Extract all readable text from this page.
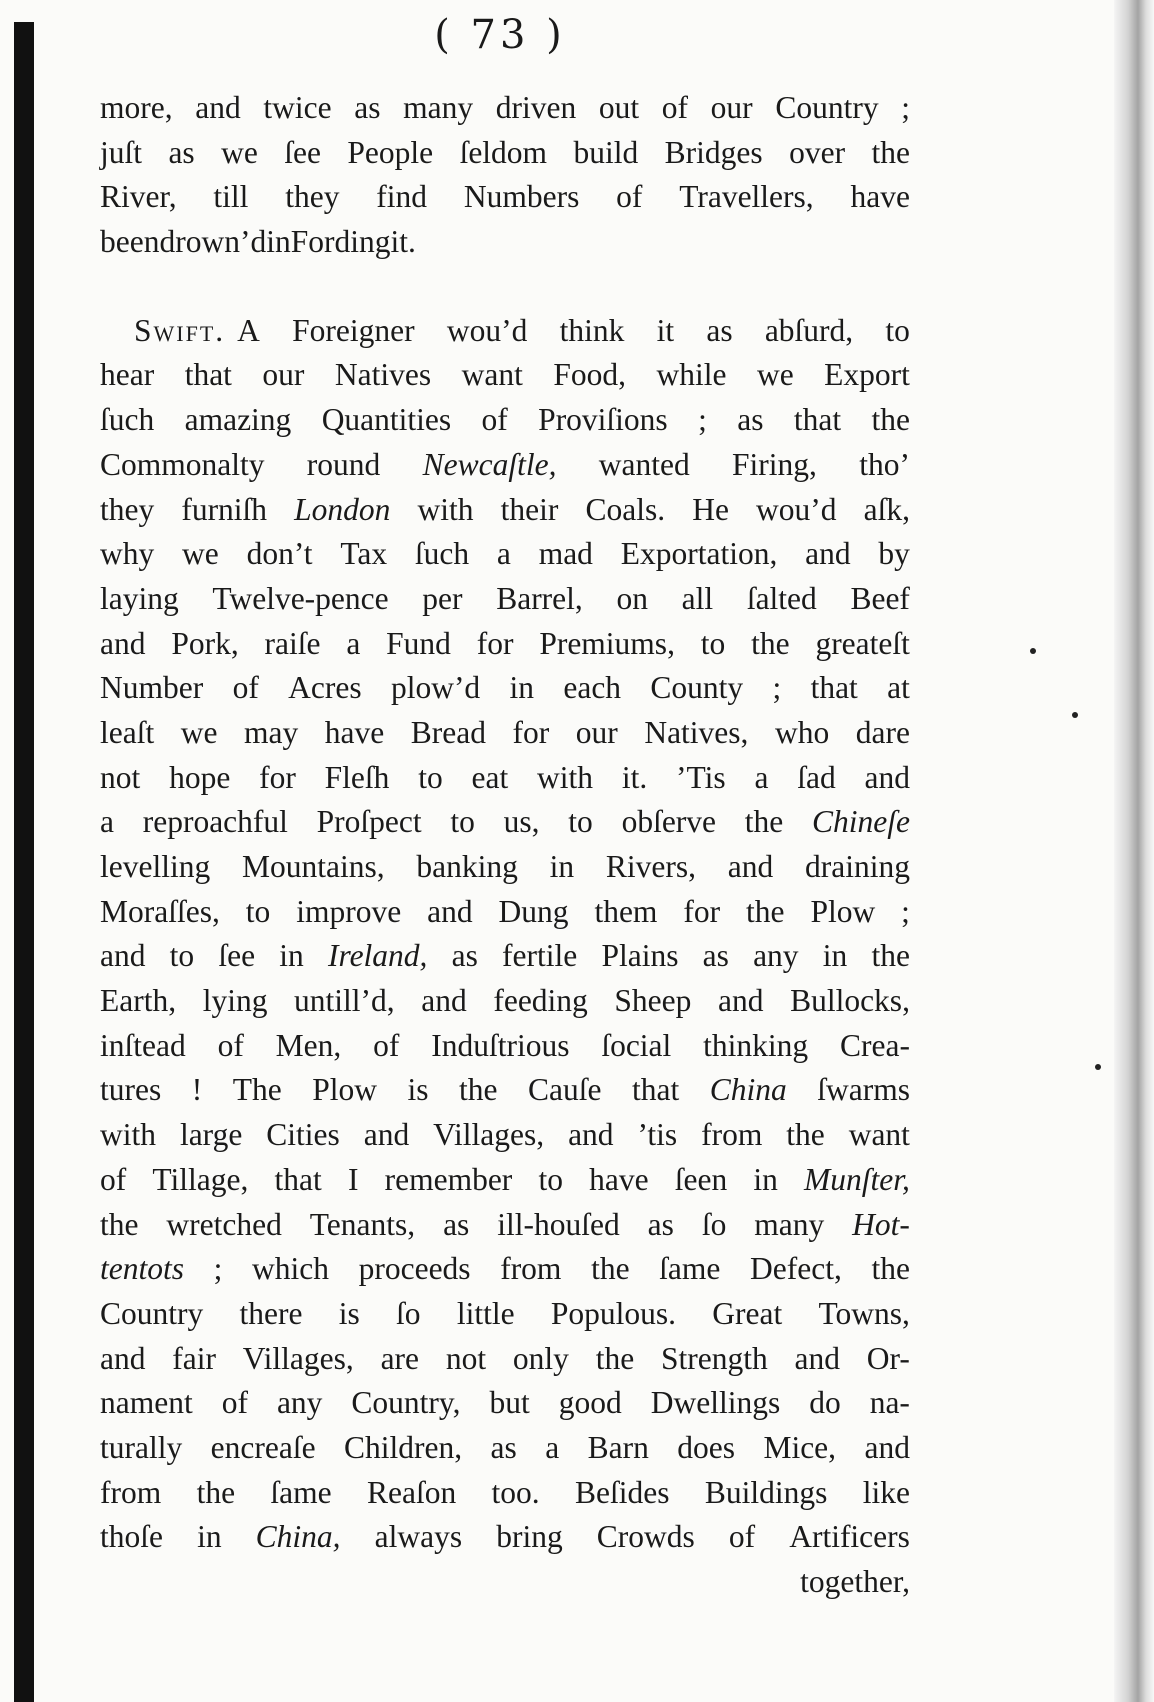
( 73 )
more, and twice as many driven out of our Country ;
juſt as we ſee People ſeldom build Bridges over the
River, till they find Numbers of Travellers, have
been drown’d in Fording it.
Swift. A Foreigner wou’d think it as abſurd, to
hear that our Natives want Food, while we Export
ſuch amazing Quantities of Proviſions ; as that the
Commonalty round Newcaſtle, wanted Firing, tho’
they furniſh London with their Coals. He wou’d aſk,
why we don’t Tax ſuch a mad Exportation, and by
laying Twelve-pence per Barrel, on all ſalted Beef
and Pork, raiſe a Fund for Premiums, to the greateſt
Number of Acres plow’d in each County ; that at
leaſt we may have Bread for our Natives, who dare
not hope for Fleſh to eat with it. ’Tis a ſad and
a reproachful Proſpect to us, to obſerve the Chineſe
levelling Mountains, banking in Rivers, and draining
Moraſſes, to improve and Dung them for the Plow ;
and to ſee in Ireland, as fertile Plains as any in the
Earth, lying untill’d, and feeding Sheep and Bullocks,
inſtead of Men, of Induſtrious ſocial thinking Crea-
tures ! The Plow is the Cauſe that China ſwarms
with large Cities and Villages, and ’tis from the want
of Tillage, that I remember to have ſeen in Munſter,
the wretched Tenants, as ill-houſed as ſo many Hot-
tentots ; which proceeds from the ſame Defect, the
Country there is ſo little Populous. Great Towns,
and fair Villages, are not only the Strength and Or-
nament of any Country, but good Dwellings do na-
turally encreaſe Children, as a Barn does Mice, and
from the ſame Reaſon too. Beſides Buildings like
thoſe in China, always bring Crowds of Artificers
together,
